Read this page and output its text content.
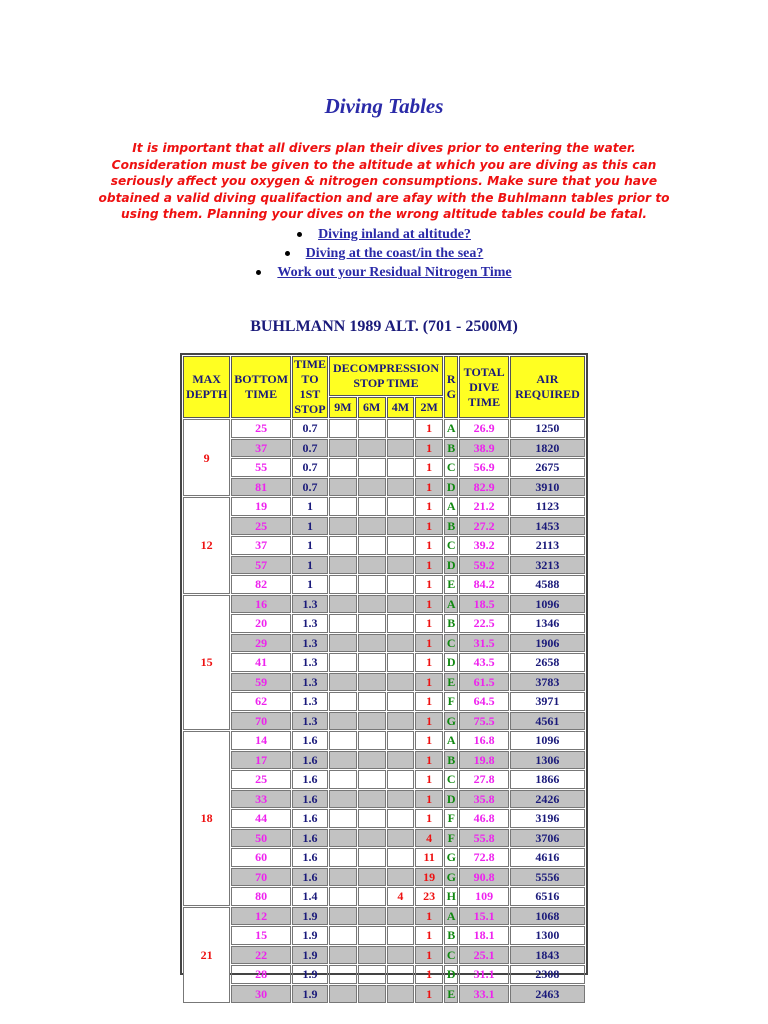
Diving Tables
It is important that all divers plan their dives prior to entering the water. Consideration must be given to the altitude at which you are diving as this can seriously affect you oxygen & nitrogen consumptions. Make sure that you have obtained a valid diving qualifaction and are afay with the Buhlmann tables prior to using them. Planning your dives on the wrong altitude tables could be fatal.
Diving inland at altitude?
Diving at the coast/in the sea?
Work out your Residual Nitrogen Time
BUHLMANN 1989 ALT. (701 - 2500M)
MAX DEPTH	BOTTOM TIME	TIME TO 1ST STOP	DECOMPRESSION STOP TIME				R G	TOTAL DIVE TIME	AIR REQUIRED
			9M	6M	4M	2M			
9	25	0.7				1	A	26.9	1250
	37	0.7				1	B	38.9	1820
	55	0.7				1	C	56.9	2675
	81	0.7				1	D	82.9	3910
12	19	1				1	A	21.2	1123
	25	1				1	B	27.2	1453
	37	1				1	C	39.2	2113
	57	1				1	D	59.2	3213
	82	1				1	E	84.2	4588
15	16	1.3				1	A	18.5	1096
	20	1.3				1	B	22.5	1346
	29	1.3				1	C	31.5	1906
	41	1.3				1	D	43.5	2658
	59	1.3				1	E	61.5	3783
	62	1.3				1	F	64.5	3971
	70	1.3				1	G	75.5	4561
18	14	1.6				1	A	16.8	1096
	17	1.6				1	B	19.8	1306
	25	1.6				1	C	27.8	1866
	33	1.6				1	D	35.8	2426
	44	1.6				1	F	46.8	3196
	50	1.6				4	F	55.8	3706
	60	1.6				11	G	72.8	4616
	70	1.6				19	G	90.8	5556
	80	1.4			4	23	H	109	6516
21	12	1.9				1	A	15.1	1068
	15	1.9				1	B	18.1	1300
	22	1.9				1	C	25.1	1843
	28	1.9				1	D	31.1	2308
	30	1.9				1	E	33.1	2463
